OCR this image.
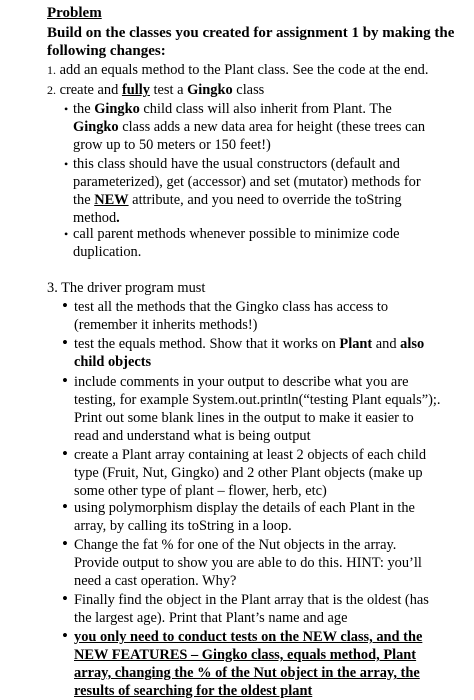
Problem
Build on the classes you created for assignment 1 by making the following changes:
1. add an equals method to the Plant class. See the code at the end.
2. create and fully test a Gingko class
• the Gingko child class will also inherit from Plant. The Gingko class adds a new data area for height (these trees can grow up to 50 meters or 150 feet!)
• this class should have the usual constructors (default and parameterized), get (accessor) and set (mutator) methods for the NEW attribute, and you need to override the toString method.
• call parent methods whenever possible to minimize code duplication.
3. The driver program must
• test all the methods that the Gingko class has access to (remember it inherits methods!)
• test the equals method. Show that it works on Plant and also child objects
• include comments in your output to describe what you are testing, for example System.out.println(“testing Plant equals”);. Print out some blank lines in the output to make it easier to read and understand what is being output
• create a Plant array containing at least 2 objects of each child type (Fruit, Nut, Gingko) and 2 other Plant objects (make up some other type of plant – flower, herb, etc)
• using polymorphism display the details of each Plant in the array, by calling its toString in a loop.
• Change the fat % for one of the Nut objects in the array. Provide output to show you are able to do this. HINT: you’ll need a cast operation. Why?
• Finally find the object in the Plant array that is the oldest (has the largest age). Print that Plant’s name and age
• you only need to conduct tests on the NEW class, and the NEW FEATURES – Gingko class, equals method, Plant array, changing the % of the Nut object in the array, the results of searching for the oldest plant
